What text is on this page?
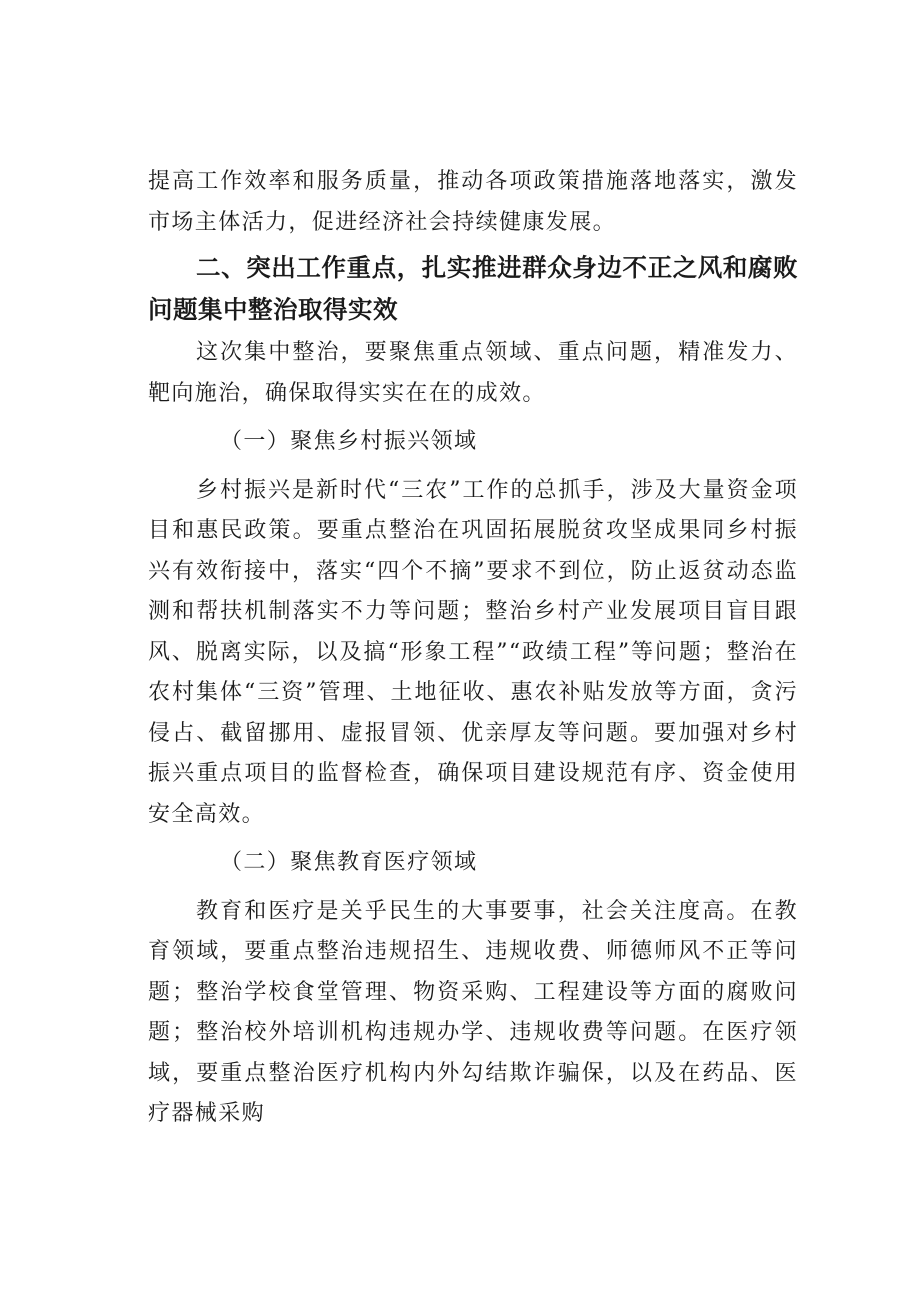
提高工作效率和服务质量，推动各项政策措施落地落实，激发市场主体活力，促进经济社会持续健康发展。

二、突出工作重点，扎实推进群众身边不正之风和腐败问题集中整治取得实效

这次集中整治，要聚焦重点领域、重点问题，精准发力、靶向施治，确保取得实实在在的成效。

（一）聚焦乡村振兴领域

乡村振兴是新时代“三农”工作的总抓手，涉及大量资金项目和惠民政策。要重点整治在巩固拓展脱贫攻坚成果同乡村振兴有效衔接中，落实“四个不摘”要求不到位，防止返贫动态监测和帮扶机制落实不力等问题；整治乡村产业发展项目盲目跟风、脱离实际，以及搞“形象工程”“政绩工程”等问题；整治在农村集体“三资”管理、土地征收、惠农补贴发放等方面，贪污侵占、截留挪用、虚报冒领、优亲厚友等问题。要加强对乡村振兴重点项目的监督检查，确保项目建设规范有序、资金使用安全高效。

（二）聚焦教育医疗领域

教育和医疗是关乎民生的大事要事，社会关注度高。在教育领域，要重点整治违规招生、违规收费、师德师风不正等问题；整治学校食堂管理、物资采购、工程建设等方面的腐败问题；整治校外培训机构违规办学、违规收费等问题。在医疗领域，要重点整治医疗机构内外勾结欺诈骗保，以及在药品、医疗器械采购
